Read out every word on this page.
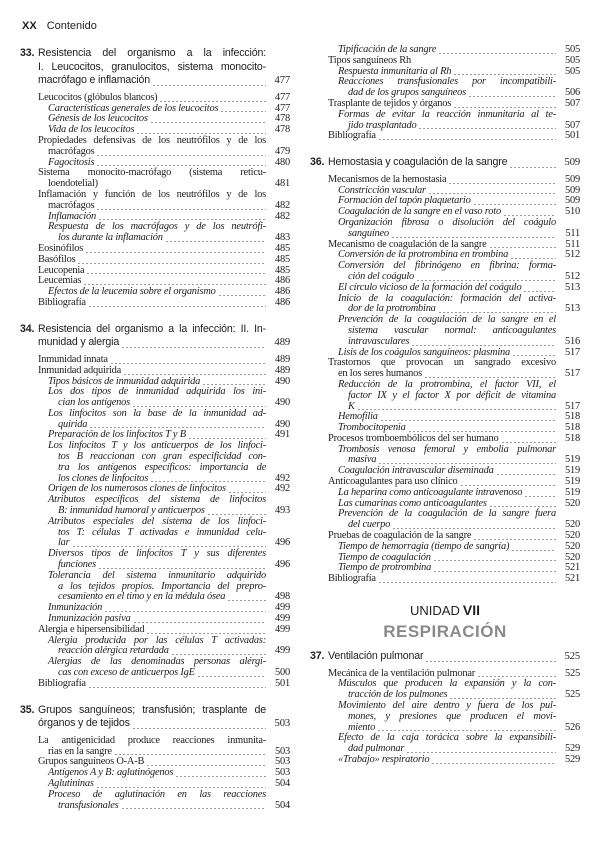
XX Contenido
33. Resistencia del organismo a la infección:
I. Leucocitos, granulocitos, sistema monocito-
macrófago e inflamación	477
Leucocitos (glóbulos blancos)	477
Características generales de los leucocitos	477
Génesis de los leucocitos	478
Vida de los leucocitos	478
Propiedades defensivas de los neutrófilos y de los
macrófagos	479
Fagocitosis	480
Sistema monocito-macrófago (sistema reticu-
loendotelial)	481
Inflamación y función de los neutrófilos y de los
macrófagos	482
Inflamación	482
Respuesta de los macrófagos y de los neutrófi-
los durante la inflamación	483
Eosinófilos	485
Basófilos	485
Leucopenia	485
Leucemias	486
Efectos de la leucemia sobre el organismo	486
Bibliografía	486
34. Resistencia del organismo a la infección: II. In-
munidad y alergia	489
Inmunidad innata	489
Inmunidad adquirida	489
Tipos básicos de inmunidad adquirida	490
Los dos tipos de inmunidad adquirida los ini-
cian los antígenos	490
Los linfocitos son la base de la inmunidad ad-
quirida	490
Preparación de los linfocitos T y B	491
Los linfocitos T y los anticuerpos de los linfoci-
tos B reaccionan con gran especificidad con-
tra los antígenos específicos: importancia de
los clones de linfocitos	492
Origen de los numerosos clones de linfocitos	492
Atributos específicos del sistema de linfocitos
B: inmunidad humoral y anticuerpos	493
Atributos especiales del sistema de los linfoci-
tos T: células T activadas e inmunidad celu-
lar	496
Diversos tipos de linfocitos T y sus diferentes
funciones	496
Tolerancia del sistema inmunitario adquirido
a los tejidos propios. Importancia del prepro-
cesamiento en el timo y en la médula ósea	498
Inmunización	499
Inmunización pasiva	499
Alergia e hipersensibilidad	499
Alergia producida por las células T activadas:
reacción alérgica retardada	499
Alergias de las denominadas personas alérgi-
cas con exceso de anticuerpos IgE	500
Bibliografía	501
35. Grupos sanguíneos; transfusión; trasplante de
órganos y de tejidos	503
La antigenicidad produce reacciones inmunita-
rias en la sangre	503
Grupos sanguíneos O-A-B	503
Antígenos A y B: aglutinógenos	503
Aglutininas	504
Proceso de aglutinación en las reacciones
transfusionales	504
Tipificación de la sangre	505
Tipos sanguíneos Rh	505
Respuesta inmunitaria al Rh	505
Reacciones transfusionales por incompatibili-
dad de los grupos sanguíneos	506
Trasplante de tejidos y órganos	507
Formas de evitar la reacción inmunitaria al te-
jido trasplantado	507
Bibliografía	501
36. Hemostasia y coagulación de la sangre	509
Mecanismos de la hemostasia	509
Constricción vascular	509
Formación del tapón plaquetario	509
Coagulación de la sangre en el vaso roto	510
Organización fibrosa o disolución del coágulo
sanguíneo	511
Mecanismo de coagulación de la sangre	511
Conversión de la protrombina en trombina	512
Conversión del fibrinógeno en fibrina: forma-
ción del coágulo	512
El círculo vicioso de la formación del coágulo	513
Inicio de la coagulación: formación del activa-
dor de la protrombina	513
Prevención de la coagulación de la sangre en el
sistema vascular normal: anticoagulantes
intravasculares	516
Lisis de los coágulos sanguíneos: plasmina	517
Trastornos que provocan un sangrado excesivo
en los seres humanos	517
Reducción de la protrombina, el factor VII, el
factor IX y el factor X por déficit de vitamina
K	517
Hemofilia	518
Trombocitopenia	518
Procesos tromboembólicos del ser humano	518
Trombosis venosa femoral y embolia pulmonar
masiva	519
Coagulación intravascular diseminada	519
Anticoagulantes para uso clínico	519
La heparina como anticoagulante intravenoso	519
Las cumarinas como anticoagulantes	520
Prevención de la coagulación de la sangre fuera
del cuerpo	520
Pruebas de coagulación de la sangre	520
Tiempo de hemorragia (tiempo de sangría)	520
Tiempo de coagulación	520
Tiempo de protrombina	521
Bibliografía	521
UNIDAD VII
RESPIRACIÓN
37. Ventilación pulmonar	525
Mecánica de la ventilación pulmonar	525
Músculos que producen la expansión y la con-
tracción de los pulmones	525
Movimiento del aire dentro y fuera de los pul-
mones, y presiones que producen el movi-
miento	526
Efecto de la caja torácica sobre la expansibili-
dad pulmonar	529
«Trabajo» respiratorio	529
